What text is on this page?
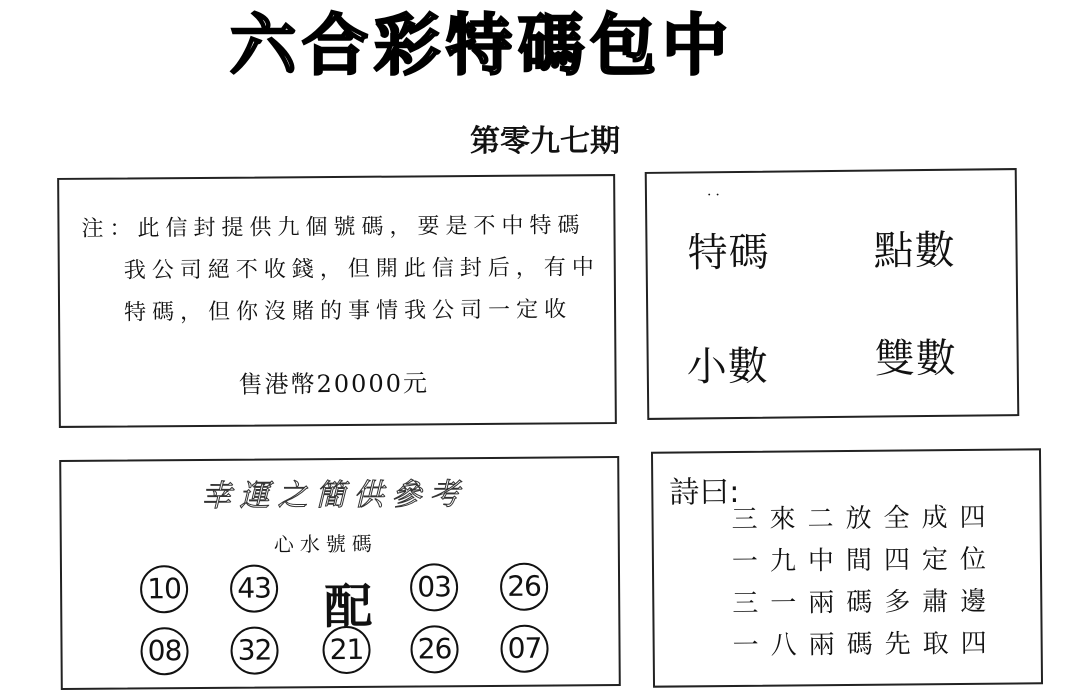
六合彩特碼包中
第零九七期
注：此信封提供九個號碼，要是不中特碼
我公司絕不收錢，但開此信封后，有中
特碼，但你沒賭的事情我公司一定收
售港幣20000元
..
特碼	點數
小數	雙數
幸運之簡供參考
心水號碼
10 43 配 03 26
08 32 21 26 07
詩曰:
三來二放全成四
一九中間四定位
三一兩碼多肅邊
一八兩碼先取四
